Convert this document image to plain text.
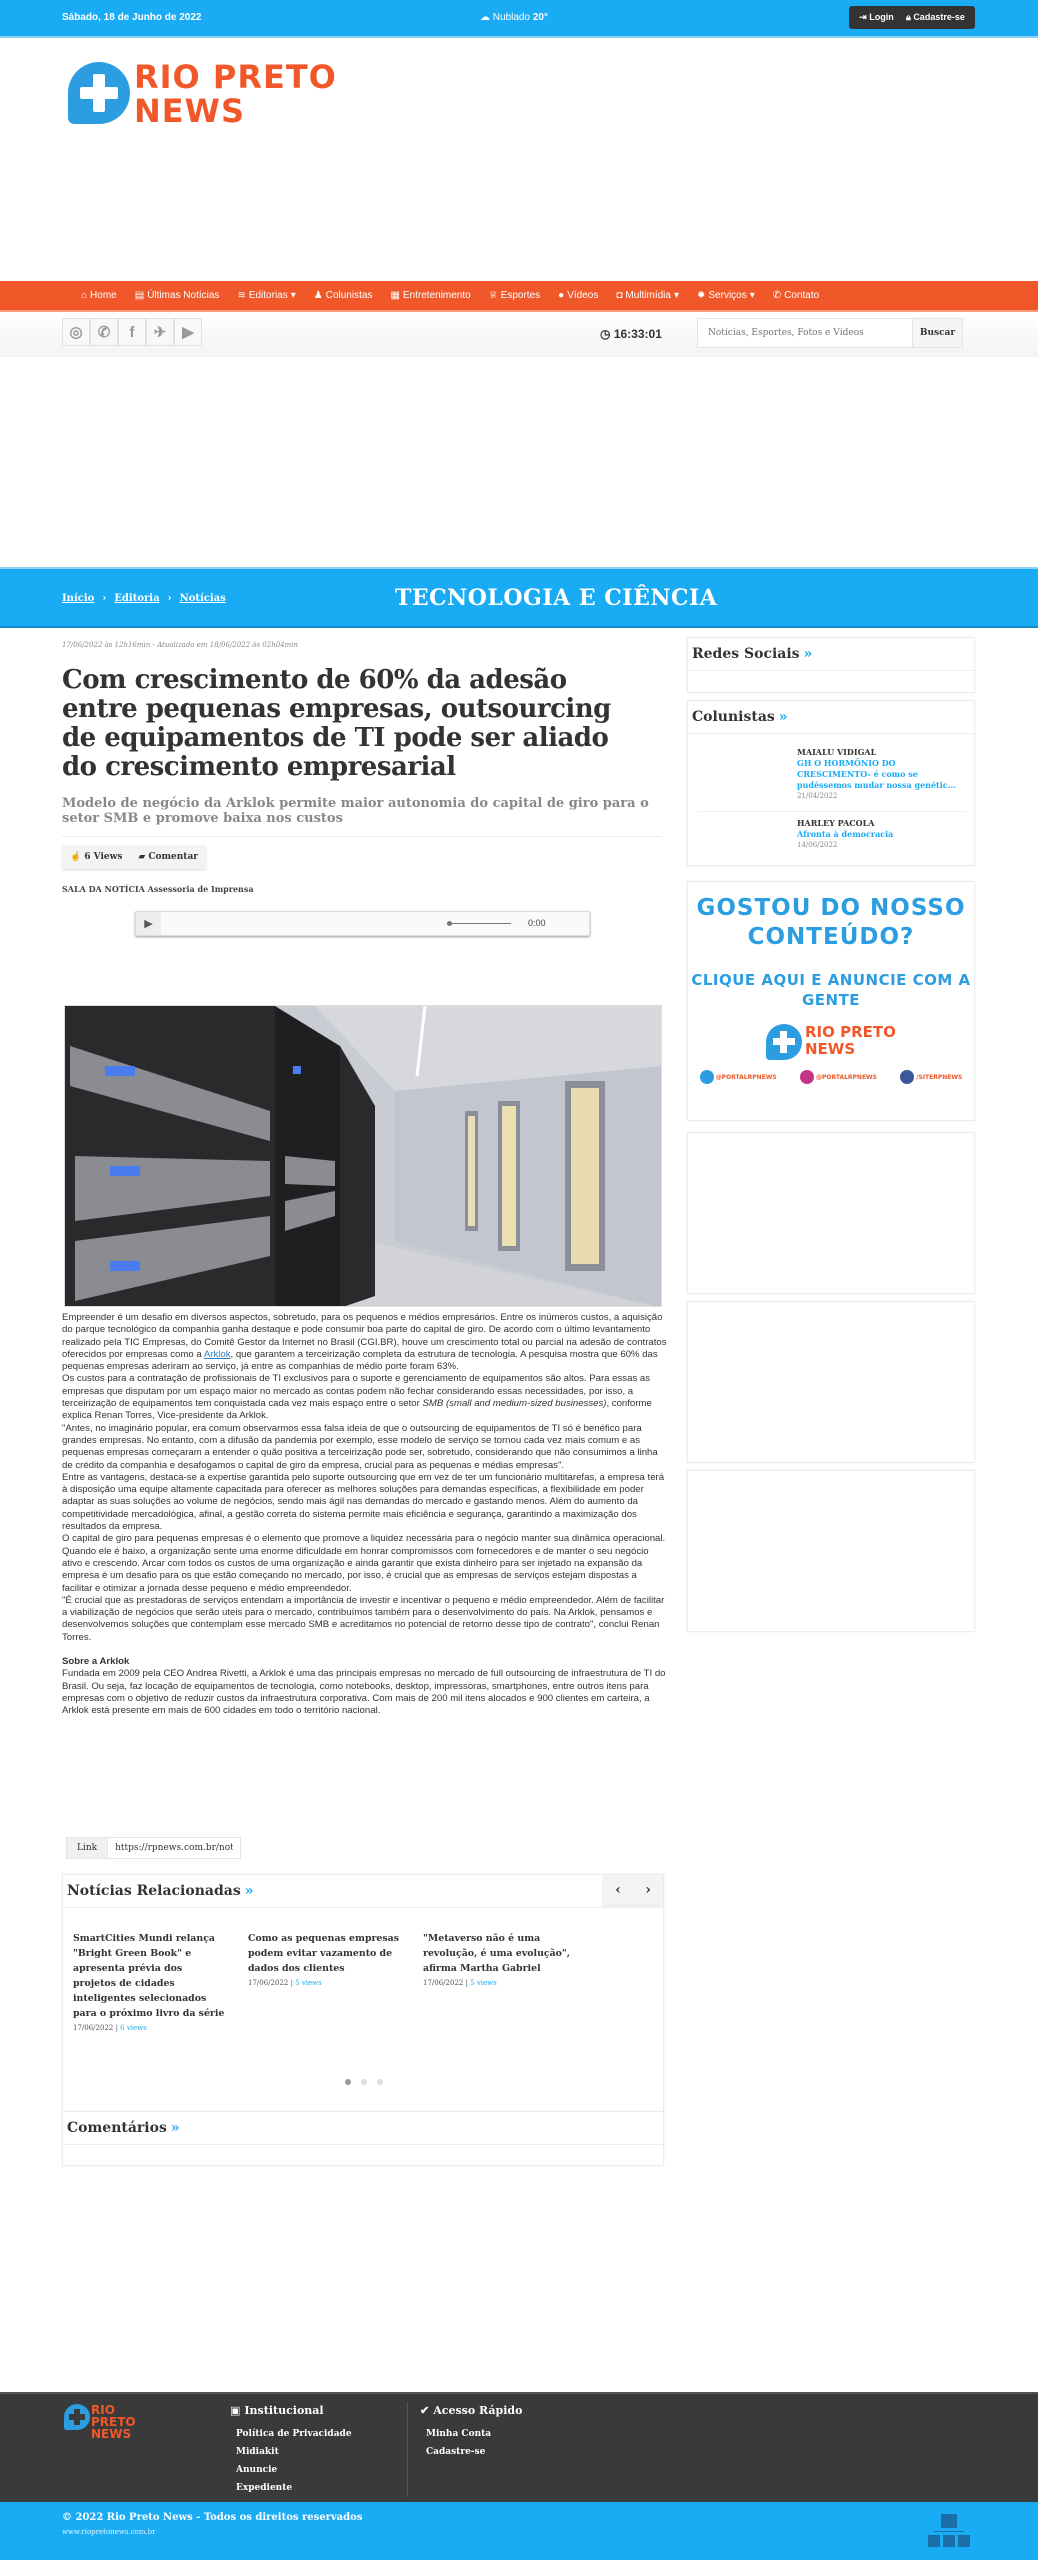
Sábado, 18 de Junho de 2022	☁ Nublado 20°	⇥ Login 🔒︎ Cadastre-se
RIO PRETO
NEWS
⌂ Home ▤ Últimas Notícias ≋ Editorias ▾ ♟ Colunistas ▦ Entretenimento ♕ Esportes ● Vídeos ◘ Multimídia ▾ ✹ Serviços ▾ ✆ Contato
◎	✆	f	✈	▶	◷ 16:33:01
Notícias, Esportes, Fotos e Vídeos	Buscar
Início › Editoria › Notícias	TECNOLOGIA E CIÊNCIA
17/06/2022 às 12h16min - Atualizada em 18/06/2022 às 02h04min
Com crescimento de 60% da adesão entre pequenas empresas, outsourcing de equipamentos de TI pode ser aliado do crescimento empresarial

Modelo de negócio da Arklok permite maior autonomia do capital de giro para o setor SMB e promove baixa nos custos

☝ 6 Views ▰ Comentar
SALA DA NOTÍCIA Assessoria de Imprensa
▶	0:00

Empreender é um desafio em diversos aspectos, sobretudo, para os pequenos e médios empresários. Entre os inúmeros custos, a aquisição do parque tecnológico da companhia ganha destaque e pode consumir boa parte do capital de giro. De acordo com o último levantamento realizado pela TIC Empresas, do Comitê Gestor da Internet no Brasil (CGI.BR), houve um crescimento total ou parcial na adesão de contratos oferecidos por empresas como a Arklok, que garantem a terceirização completa da estrutura de tecnologia. A pesquisa mostra que 60% das pequenas empresas aderiram ao serviço, já entre as companhias de médio porte foram 63%.

Os custos para a contratação de profissionais de TI exclusivos para o suporte e gerenciamento de equipamentos são altos. Para essas as empresas que disputam por um espaço maior no mercado as contas podem não fechar considerando essas necessidades, por isso, a terceirização de equipamentos tem conquistada cada vez mais espaço entre o setor SMB (small and medium-sized businesses), conforme explica Renan Torres, Vice-presidente da Arklok.

"Antes, no imaginário popular, era comum observarmos essa falsa ideia de que o outsourcing de equipamentos de TI só é benéfico para grandes empresas. No entanto, com a difusão da pandemia por exemplo, esse modelo de serviço se tornou cada vez mais comum e as pequenas empresas começaram a entender o quão positiva a terceirização pode ser, sobretudo, considerando que não consumimos a linha de crédito da companhia e desafogamos o capital de giro da empresa, crucial para as pequenas e médias empresas".

Entre as vantagens, destaca-se a expertise garantida pelo suporte outsourcing que em vez de ter um funcionário multitarefas, a empresa terá à disposição uma equipe altamente capacitada para oferecer as melhores soluções para demandas específicas, a flexibilidade em poder adaptar as suas soluções ao volume de negócios, sendo mais ágil nas demandas do mercado e gastando menos. Além do aumento da competitividade mercadológica, afinal, a gestão correta do sistema permite mais eficiência e segurança, garantindo a maximização dos resultados da empresa.

O capital de giro para pequenas empresas é o elemento que promove a liquidez necessária para o negócio manter sua dinâmica operacional. Quando ele é baixo, a organização sente uma enorme dificuldade em honrar compromissos com fornecedores e de manter o seu negócio ativo e crescendo. Arcar com todos os custos de uma organização e ainda garantir que exista dinheiro para ser injetado na expansão da empresa é um desafio para os que estão começando no mercado, por isso, é crucial que as empresas de serviços estejam dispostas a facilitar e otimizar a jornada desse pequeno e médio empreendedor.

"É crucial que as prestadoras de serviços entendam a importância de investir e incentivar o pequeno e médio empreendedor. Além de facilitar a viabilização de negócios que serão uteis para o mercado, contribuímos também para o desenvolvimento do país. Na Arklok, pensamos e desenvolvemos soluções que contemplam esse mercado SMB e acreditamos no potencial de retorno desse tipo de contrato", conclui Renan Torres.

Sobre a Arklok

Fundada em 2009 pela CEO Andrea Rivetti, a Arklok é uma das principais empresas no mercado de full outsourcing de infraestrutura de TI do Brasil. Ou seja, faz locação de equipamentos de tecnologia, como notebooks, desktop, impressoras, smartphones, entre outros itens para empresas com o objetivo de reduzir custos da infraestrutura corporativa. Com mais de 200 mil itens alocados e 900 clientes em carteira, a Arklok está presente em mais de 600 cidades em todo o território nacional.

Link
https://rpnews.com.br/noticia
Notícias Relacionadas »	‹	›
SmartCities Mundi relança "Bright Green Book" e apresenta prévia dos projetos de cidades inteligentes selecionados para o próximo livro da série
17/06/2022 | 6 views
Como as pequenas empresas podem evitar vazamento de dados dos clientes
17/06/2022 | 5 views
"Metaverso não é uma revolução, é uma evolução", afirma Martha Gabriel
17/06/2022 | 5 views
Comentários »
Redes Sociais »
Colunistas »
MAIALU VIDIGAL
GH O HORMÔNIO DO CRESCIMENTO- é como se pudéssemos mudar nossa genétic...
21/04/2022
HARLEY PACOLA
Afronta à democracia
14/06/2022
GOSTOU DO NOSSO CONTEÚDO?
CLIQUE AQUI E ANUNCIE COM A GENTE
RIO PRETO
NEWS
@PORTALRPNEWS	@PORTALRPNEWS	/SITERPNEWS
RIO PRETO
NEWS
▣ Institucional
Política de Privacidade
Midiakit
Anuncie
Expediente
✔ Acesso Rápido
Minha Conta
Cadastre-se
© 2022 Rio Preto News - Todos os direitos reservados
www.riopretonews.com.br
